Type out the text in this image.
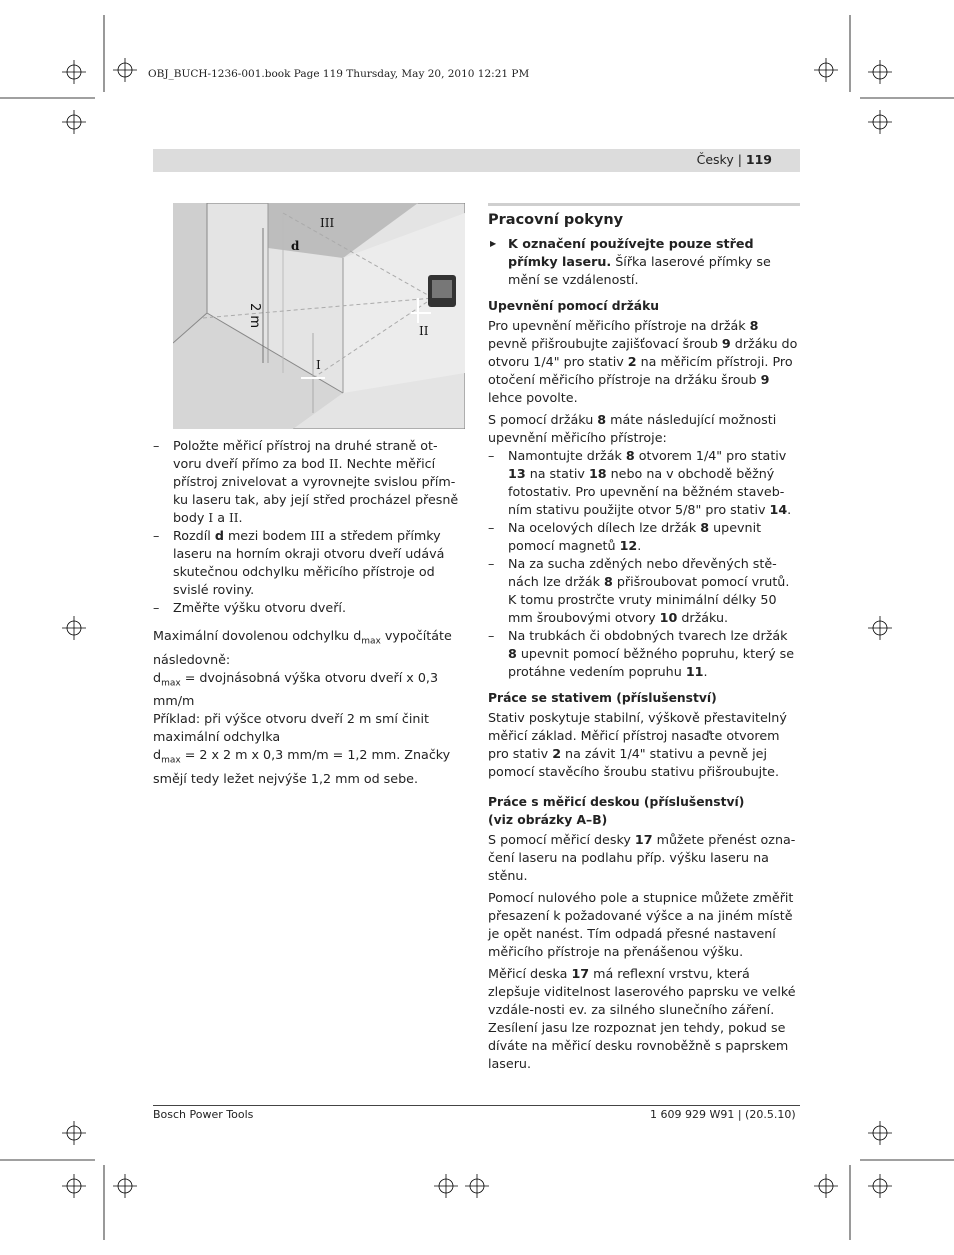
OBJ_BUCH-1236-001.book Page 119 Thursday, May 20, 2010 12:21 PM
Česky | 119
III
II
I
d
2 m
– Položte měřicí přístroj na druhé straně ot-voru dveří přímo za bod II. Nechte měřicí přístroj znivelovat a vyrovnejte svislou přím-ku laseru tak, aby její střed procházel přesně body I a II.
– Rozdíl d mezi bodem III a středem přímky laseru na horním okraji otvoru dveří udává skutečnou odchylku měřicího přístroje od svislé roviny.
– Změřte výšku otvoru dveří.

Maximální dovolenou odchylku $d_{max}$ vypočítáte následovně:

$d_{max}$ = dvojnásobná výška otvoru dveří x 0,3 mm/m

Příklad: při výšce otvoru dveří 2 m smí činit maximální odchylka

$d_{max} = 2$ x 2 m x 0,3 mm/m = 1,2 mm. Značky smějí tedy ležet nejvýše 1,2 mm od sebe.

Pracovní pokyny

▶ K označení používejte pouze střed přímky laseru. Šířka laserové přímky se mění se vzdáleností.

Upevnění pomocí držáku

Pro upevnění měřicího přístroje na držák 8 pevně přišroubujte zajišťovací šroub 9 držáku do otvoru 1/4" pro stativ 2 na měřicím přístroji. Pro otočení měřicího přístroje na držáku šroub 9 lehce povolte.

S pomocí držáku 8 máte následující možnosti upevnění měřicího přístroje:

– Namontujte držák 8 otvorem 1/4" pro stativ 13 na stativ 18 nebo na v obchodě běžný fotostativ. Pro upevnění na běžném staveb-ním stativu použijte otvor 5/8" pro stativ 14.
– Na ocelových dílech lze držák 8 upevnit pomocí magnetů 12.
– Na za sucha zděných nebo dřevěných stě-nách lze držák 8 přišroubovat pomocí vrutů. K tomu prostrčte vruty minimální délky 50 mm šroubovými otvory 10 držáku.
– Na trubkách či obdobných tvarech lze držák 8 upevnit pomocí běžného popruhu, který se protáhne vedením popruhu 11.
Práce se stativem (příslušenství)

Stativ poskytuje stabilní, výškově přestavitelný měřicí základ. Měřicí přístroj nasaďte otvorem pro stativ 2 na závit 1/4" stativu a pevně jej pomocí stavěcího šroubu stativu přišroubujte.

Práce s měřicí deskou (příslušenství)
(viz obrázky A–B)

S pomocí měřicí desky 17 můžete přenést ozna-čení laseru na podlahu příp. výšku laseru na stěnu.

Pomocí nulového pole a stupnice můžete změřit přesazení k požadované výšce a na jiném místě je opět nanést. Tím odpadá přesné nastavení měřicího přístroje na přenášenou výšku.

Měřicí deska 17 má reflexní vrstvu, která zlepšuje viditelnost laserového paprsku ve velké vzdále-nosti ev. za silného slunečního záření. Zesílení jasu lze rozpoznat jen tehdy, pokud se díváte na měřicí desku rovnoběžně s paprskem laseru.

Bosch Power Tools	1 609 929 W91 | (20.5.10)
